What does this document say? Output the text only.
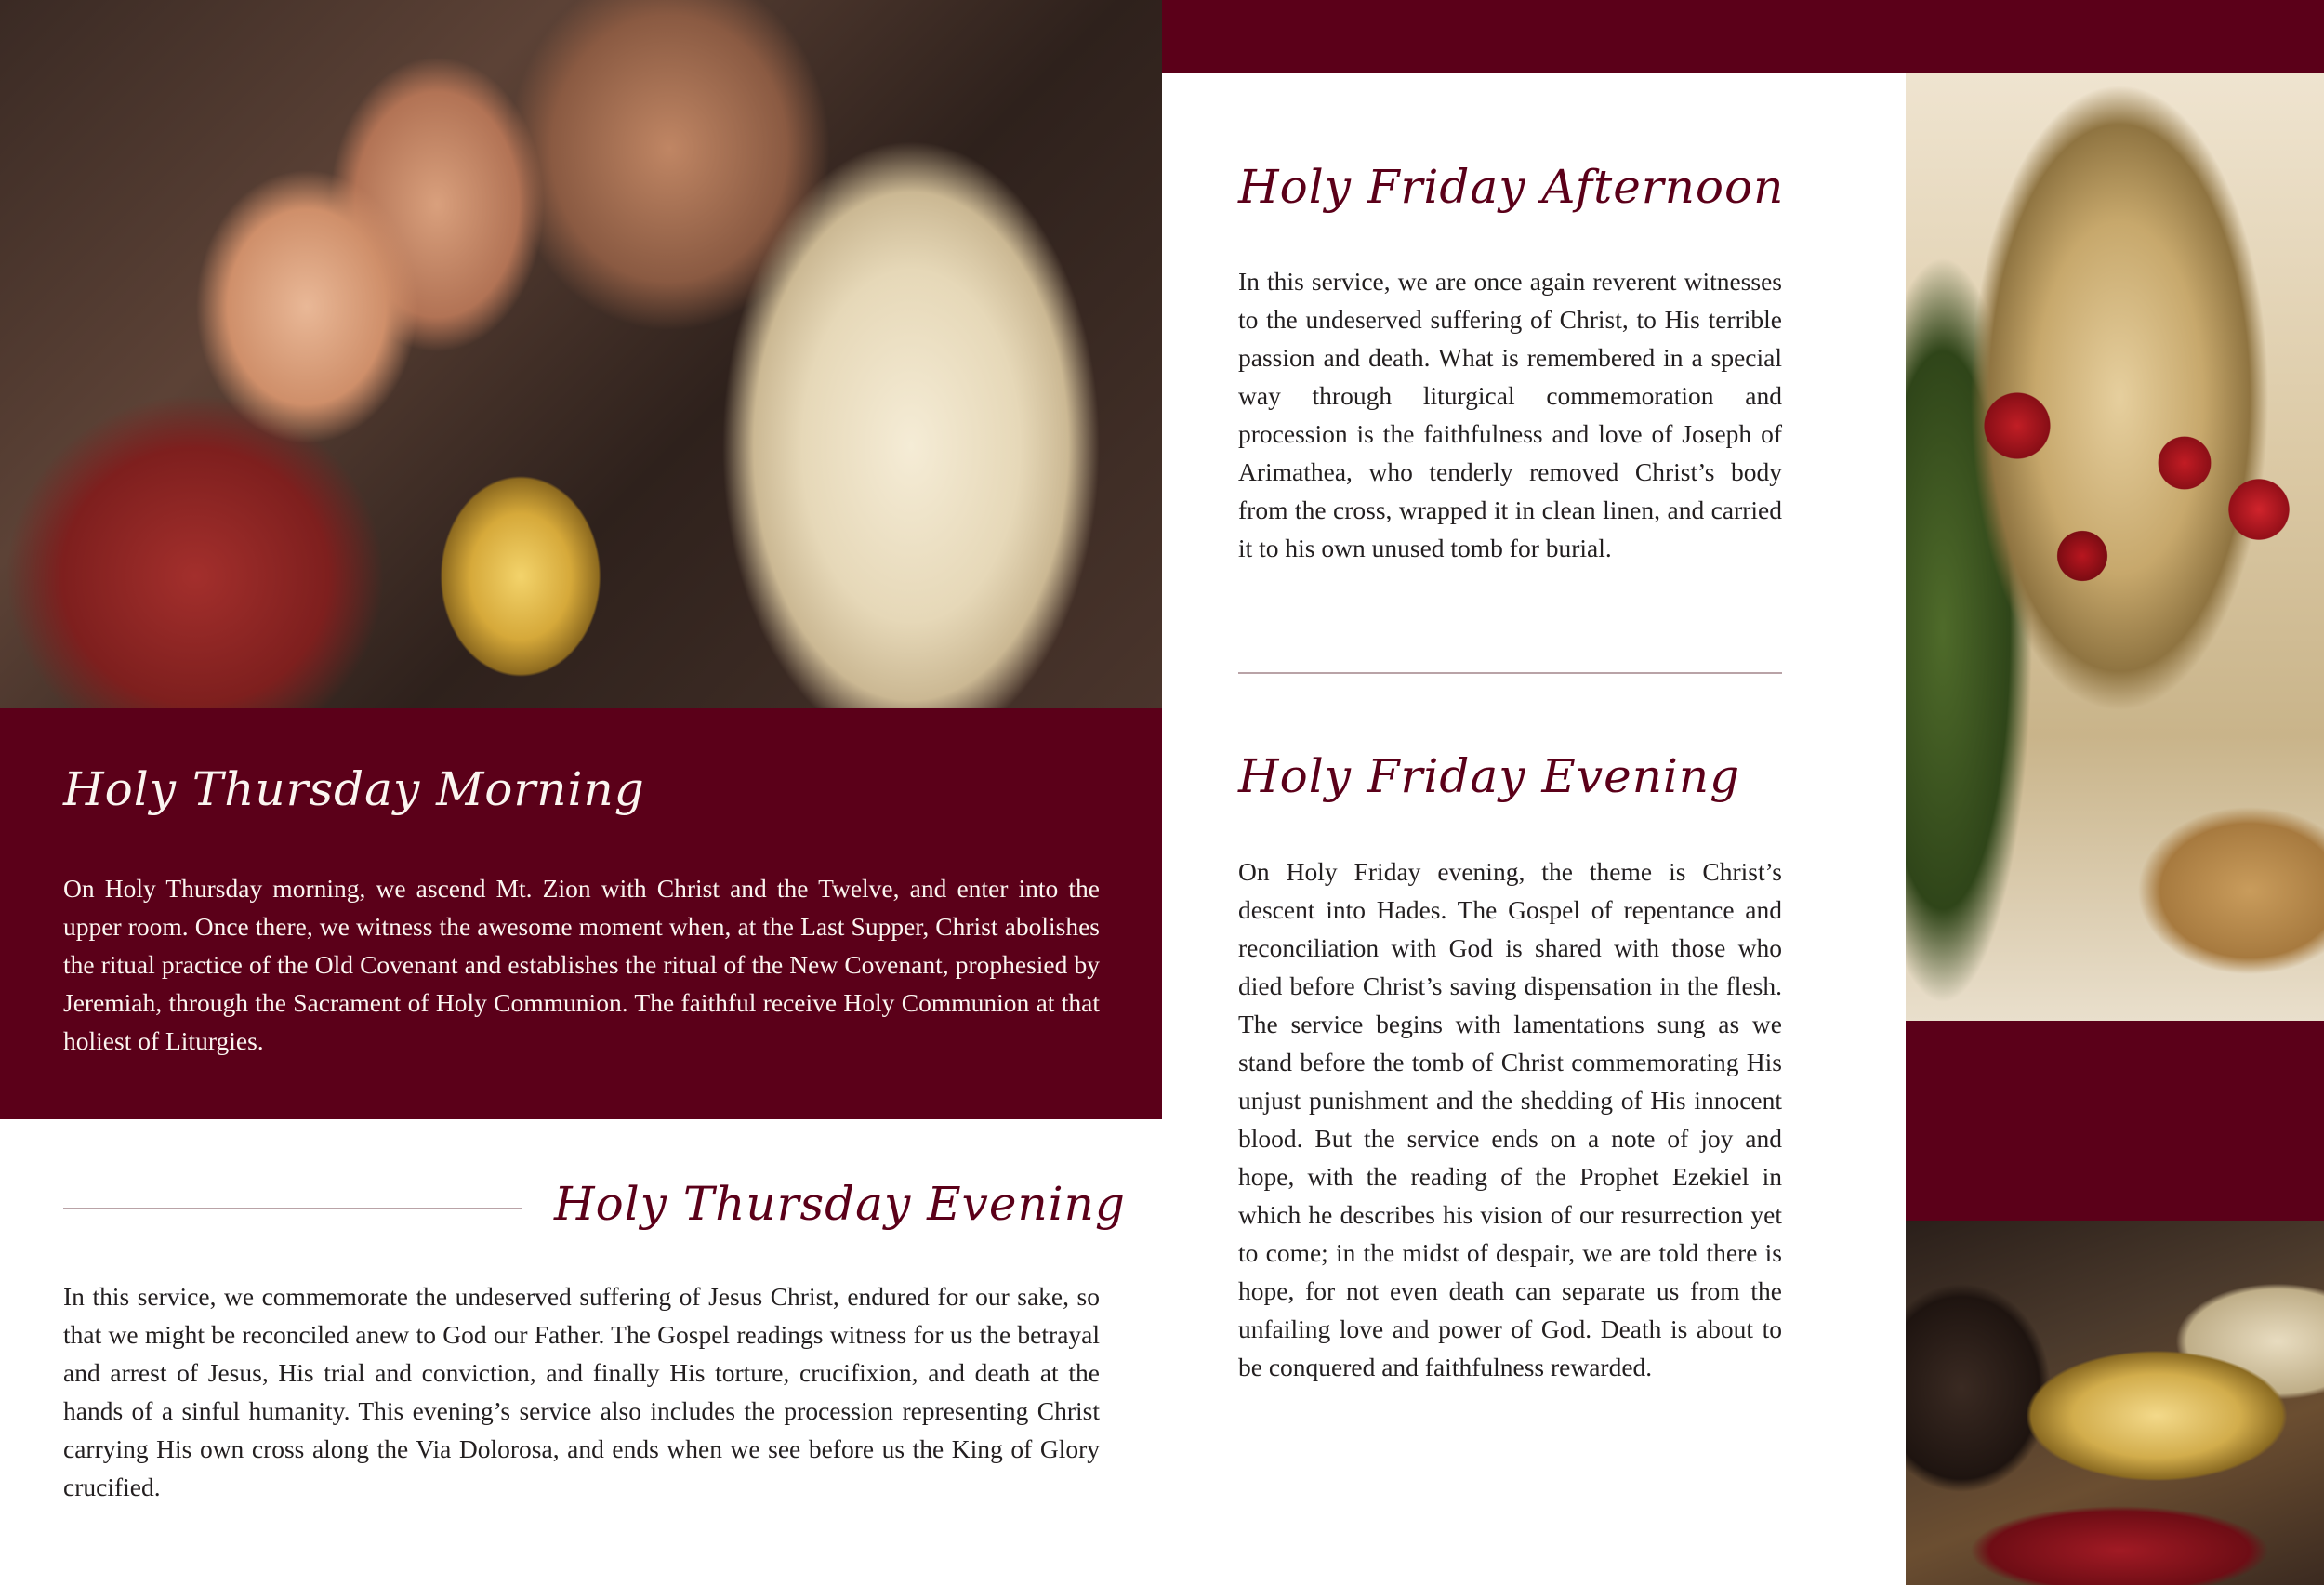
Holy Thursday Morning

On Holy Thursday morning, we ascend Mt. Zion with Christ and the Twelve, and enter into the upper room. Once there, we witness the awesome moment when, at the Last Supper, Christ abolishes the ritual practice of the Old Covenant and establishes the ritual of the New Covenant, prophesied by Jeremiah, through the Sacrament of Holy Communion. The faithful receive Holy Communion at that holiest of Liturgies.

Holy Thursday Evening

In this service, we commemorate the undeserved suffering of Jesus Christ, endured for our sake, so that we might be reconciled anew to God our Father. The Gospel readings witness for us the betrayal and arrest of Jesus, His trial and conviction, and finally His torture, crucifixion, and death at the hands of a sinful humanity. This evening’s service also includes the procession representing Christ carrying His own cross along the Via Dolorosa, and ends when we see before us the King of Glory crucified.

Holy Friday Afternoon

In this service, we are once again reverent witnesses to the undeserved suffering of Christ, to His terrible passion and death. What is remembered in a special way through liturgical commemoration and procession is the faithfulness and love of Joseph of Arimathea, who tenderly removed Christ’s body from the cross, wrapped it in clean linen, and carried it to his own unused tomb for burial.

Holy Friday Evening

On Holy Friday evening, the theme is Christ’s descent into Hades. The Gospel of repentance and reconciliation with God is shared with those who died before Christ’s saving dispensation in the flesh. The service begins with lamentations sung as we stand before the tomb of Christ commemorating His unjust punishment and the shedding of His innocent blood. But the service ends on a note of joy and hope, with the reading of the Prophet Ezekiel in which he describes his vision of our resurrection yet to come; in the midst of despair, we are told there is hope, for not even death can separate us from the unfailing love and power of God. Death is about to be conquered and faithfulness rewarded.
